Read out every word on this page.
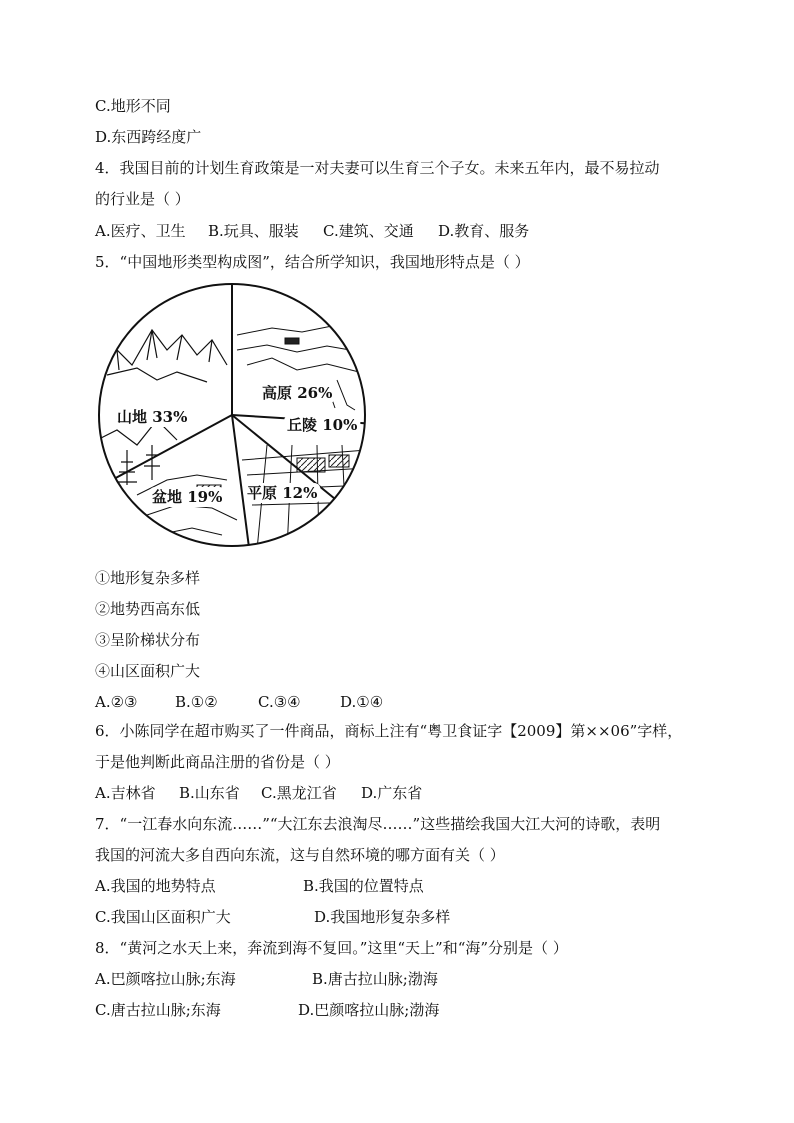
C.地形不同
D.东西跨经度广
4．我国目前的计划生育政策是一对夫妻可以生育三个子女。未来五年内，最不易拉动
的行业是（ ）
A.医疗、卫生 B.玩具、服装 C.建筑、交通 D.教育、服务
5．“中国地形类型构成图”，结合所学知识，我国地形特点是（ ）
高原 26%
丘陵 10%
平原 12%
盆地 19%
山地 33%
①地形复杂多样
②地势西高东低
③呈阶梯状分布
④山区面积广大
A.②③	B.①②	C.③④	D.①④
6．小陈同学在超市购买了一件商品，商标上注有“粤卫食证字【2009】第××06”字样，
于是他判断此商品注册的省份是（ ）
A.吉林省 B.山东省 C.黑龙江省 D.广东省
7．“一江春水向东流……”“大江东去浪淘尽……”这些描绘我国大江大河的诗歌，表明
我国的河流大多自西向东流，这与自然环境的哪方面有关（ ）
A.我国的地势特点	B.我国的位置特点
C.我国山区面积广大	D.我国地形复杂多样
8．“黄河之水天上来，奔流到海不复回。”这里“天上”和“海”分别是（ ）
A.巴颜喀拉山脉;东海	B.唐古拉山脉;渤海
C.唐古拉山脉;东海	D.巴颜喀拉山脉;渤海
